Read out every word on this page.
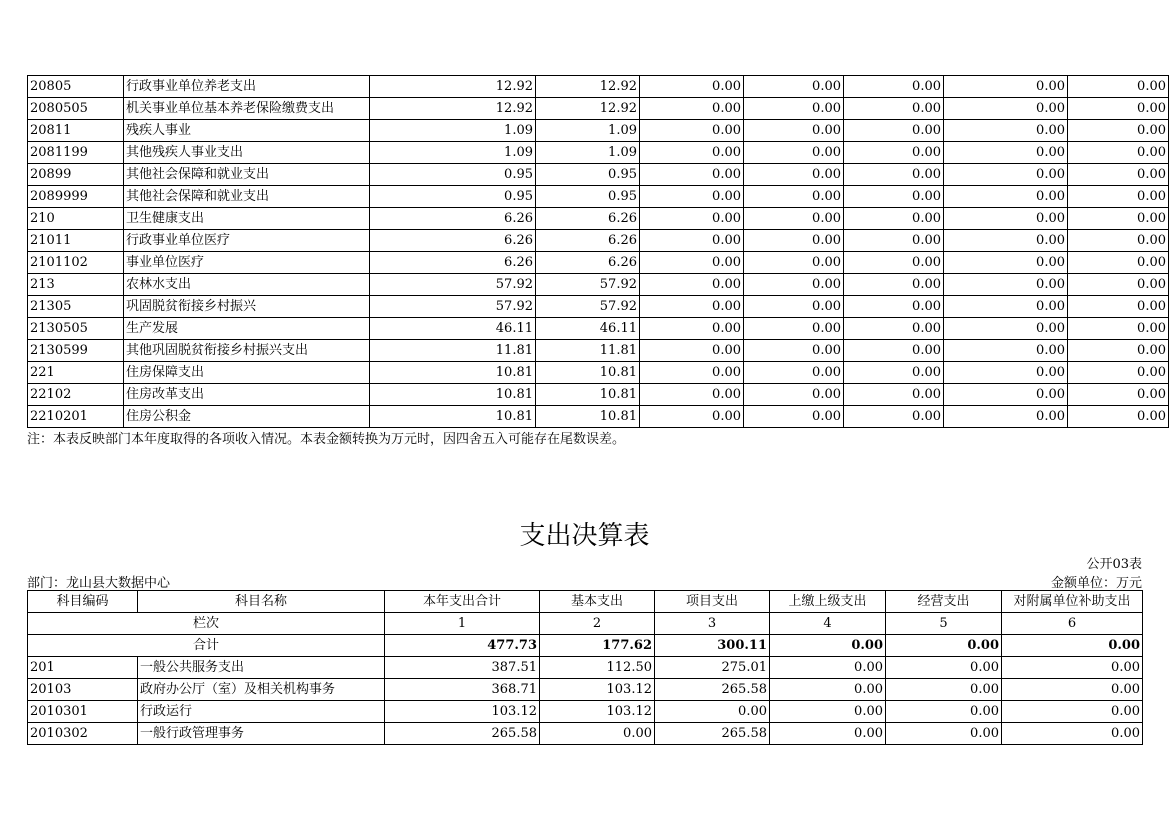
20805	行政事业单位养老支出	12.92	12.92	0.00	0.00	0.00	0.00	0.00
2080505	机关事业单位基本养老保险缴费支出	12.92	12.92	0.00	0.00	0.00	0.00	0.00
20811	残疾人事业	1.09	1.09	0.00	0.00	0.00	0.00	0.00
2081199	其他残疾人事业支出	1.09	1.09	0.00	0.00	0.00	0.00	0.00
20899	其他社会保障和就业支出	0.95	0.95	0.00	0.00	0.00	0.00	0.00
2089999	其他社会保障和就业支出	0.95	0.95	0.00	0.00	0.00	0.00	0.00
210	卫生健康支出	6.26	6.26	0.00	0.00	0.00	0.00	0.00
21011	行政事业单位医疗	6.26	6.26	0.00	0.00	0.00	0.00	0.00
2101102	事业单位医疗	6.26	6.26	0.00	0.00	0.00	0.00	0.00
213	农林水支出	57.92	57.92	0.00	0.00	0.00	0.00	0.00
21305	巩固脱贫衔接乡村振兴	57.92	57.92	0.00	0.00	0.00	0.00	0.00
2130505	生产发展	46.11	46.11	0.00	0.00	0.00	0.00	0.00
2130599	其他巩固脱贫衔接乡村振兴支出	11.81	11.81	0.00	0.00	0.00	0.00	0.00
221	住房保障支出	10.81	10.81	0.00	0.00	0.00	0.00	0.00
22102	住房改革支出	10.81	10.81	0.00	0.00	0.00	0.00	0.00
2210201	住房公积金	10.81	10.81	0.00	0.00	0.00	0.00	0.00
注：本表反映部门本年度取得的各项收入情况。本表金额转换为万元时，因四舍五入可能存在尾数误差。
支出决算表
公开03表
部门：龙山县大数据中心	金额单位：万元
科目编码	科目名称	本年支出合计	基本支出	项目支出	上缴上级支出	经营支出	对附属单位补助支出
栏次		1	2	3	4	5	6
合计		477.73	177.62	300.11	0.00	0.00	0.00
201	一般公共服务支出	387.51	112.50	275.01	0.00	0.00	0.00
20103	政府办公厅（室）及相关机构事务	368.71	103.12	265.58	0.00	0.00	0.00
2010301	行政运行	103.12	103.12	0.00	0.00	0.00	0.00
2010302	一般行政管理事务	265.58	0.00	265.58	0.00	0.00	0.00
